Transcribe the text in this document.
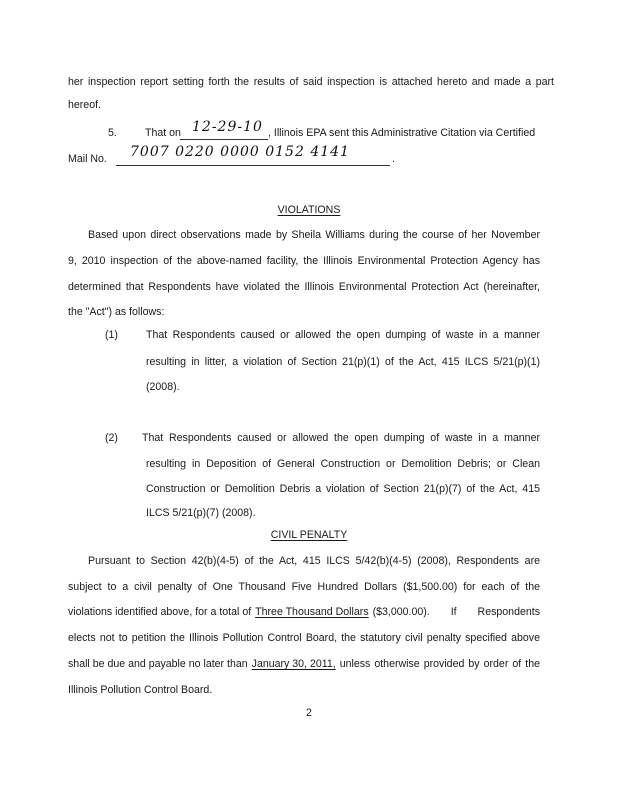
her inspection report setting forth the results of said inspection is attached hereto and made a part
hereof.
5.	That on 12-29-10 , Illinois EPA sent this Administrative Citation via Certified
Mail No. 7007 0220 0000 0152 4141	.
VIOLATIONS
Based upon direct observations made by Sheila Williams during the course of her November
9, 2010 inspection of the above-named facility, the Illinois Environmental Protection Agency has
determined that Respondents have violated the Illinois Environmental Protection Act (hereinafter,
the "Act") as follows:
(1)	That Respondents caused or allowed the open dumping of waste in a manner
resulting in litter, a violation of Section 21(p)(1) of the Act, 415 ILCS 5/21(p)(1)
(2008).
(2) That Respondents caused or allowed the open dumping of waste in a manner
resulting in Deposition of General Construction or Demolition Debris; or Clean
Construction or Demolition Debris a violation of Section 21(p)(7) of the Act, 415
ILCS 5/21(p)(7) (2008).
CIVIL PENALTY
Pursuant to Section 42(b)(4-5) of the Act, 415 ILCS 5/42(b)(4-5) (2008), Respondents are
subject to a civil penalty of One Thousand Five Hundred Dollars ($1,500.00) for each of the
violations identified above, for a total of Three Thousand Dollars ($3,000.00). If Respondents
elects not to petition the Illinois Pollution Control Board, the statutory civil penalty specified above
shall be due and payable no later than January 30, 2011, unless otherwise provided by order of the
Illinois Pollution Control Board.
2
